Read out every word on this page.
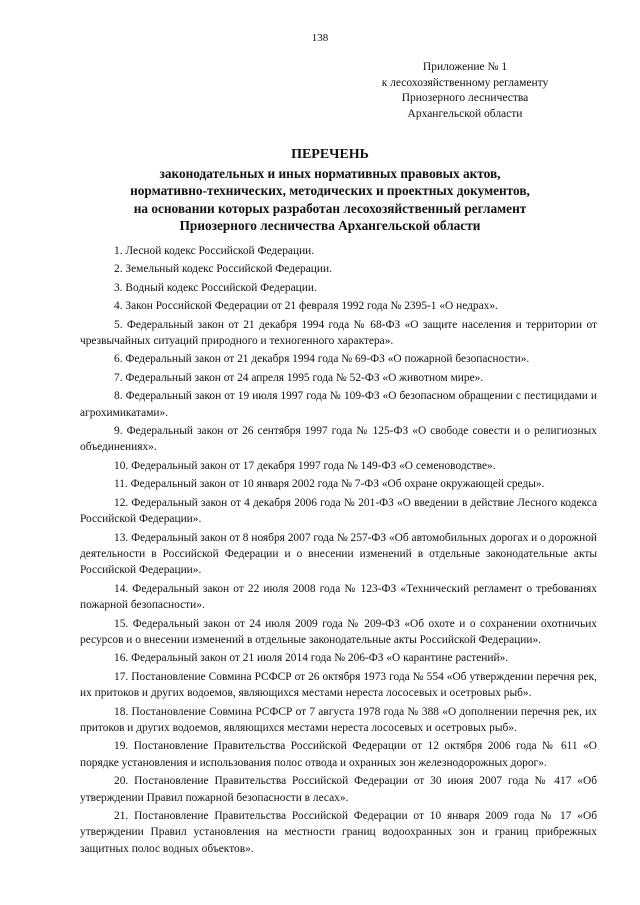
138
Приложение № 1
к лесохозяйственному регламенту
Приозерного лесничества
Архангельской области
ПЕРЕЧЕНЬ
законодательных и иных нормативных правовых актов,
нормативно-технических, методических и проектных документов,
на основании которых разработан лесохозяйственный регламент
Приозерного лесничества Архангельской области

1. Лесной кодекс Российской Федерации.

2. Земельный кодекс Российской Федерации.

3. Водный кодекс Российской Федерации.

4. Закон Российской Федерации от 21 февраля 1992 года № 2395-1 «О недрах».

5. Федеральный закон от 21 декабря 1994 года № 68-ФЗ «О защите населения и территории от чрезвычайных ситуаций природного и техногенного характера».

6. Федеральный закон от 21 декабря 1994 года № 69-ФЗ «О пожарной безопасности».

7. Федеральный закон от 24 апреля 1995 года № 52-ФЗ «О животном мире».

8. Федеральный закон от 19 июля 1997 года № 109-ФЗ «О безопасном обращении с пестицидами и агрохимикатами».

9. Федеральный закон от 26 сентября 1997 года № 125-ФЗ «О свободе совести и о религиозных объединениях».

10. Федеральный закон от 17 декабря 1997 года № 149-ФЗ «О семеноводстве».

11. Федеральный закон от 10 января 2002 года № 7-ФЗ «Об охране окружающей среды».

12. Федеральный закон от 4 декабря 2006 года № 201-ФЗ «О введении в действие Лесного кодекса Российской Федерации».

13. Федеральный закон от 8 ноября 2007 года № 257-ФЗ «Об автомобильных дорогах и о дорожной деятельности в Российской Федерации и о внесении изменений в отдельные законодательные акты Российской Федерации».

14. Федеральный закон от 22 июля 2008 года № 123-ФЗ «Технический регламент о требованиях пожарной безопасности».

15. Федеральный закон от 24 июля 2009 года № 209-ФЗ «Об охоте и о сохранении охотничьих ресурсов и о внесении изменений в отдельные законодательные акты Российской Федерации».

16. Федеральный закон от 21 июля 2014 года № 206-ФЗ «О карантине растений».

17. Постановление Совмина РСФСР от 26 октября 1973 года № 554 «Об утверждении перечня рек, их притоков и других водоемов, являющихся местами нереста лососевых и осетровых рыб».

18. Постановление Совмина РСФСР от 7 августа 1978 года № 388 «О дополнении перечня рек, их притоков и других водоемов, являющихся местами нереста лососевых и осетровых рыб».

19. Постановление Правительства Российской Федерации от 12 октября 2006 года № 611 «О порядке установления и использования полос отвода и охранных зон железнодорожных дорог».

20. Постановление Правительства Российской Федерации от 30 июня 2007 года № 417 «Об утверждении Правил пожарной безопасности в лесах».

21. Постановление Правительства Российской Федерации от 10 января 2009 года № 17 «Об утверждении Правил установления на местности границ водоохранных зон и границ прибрежных защитных полос водных объектов».
